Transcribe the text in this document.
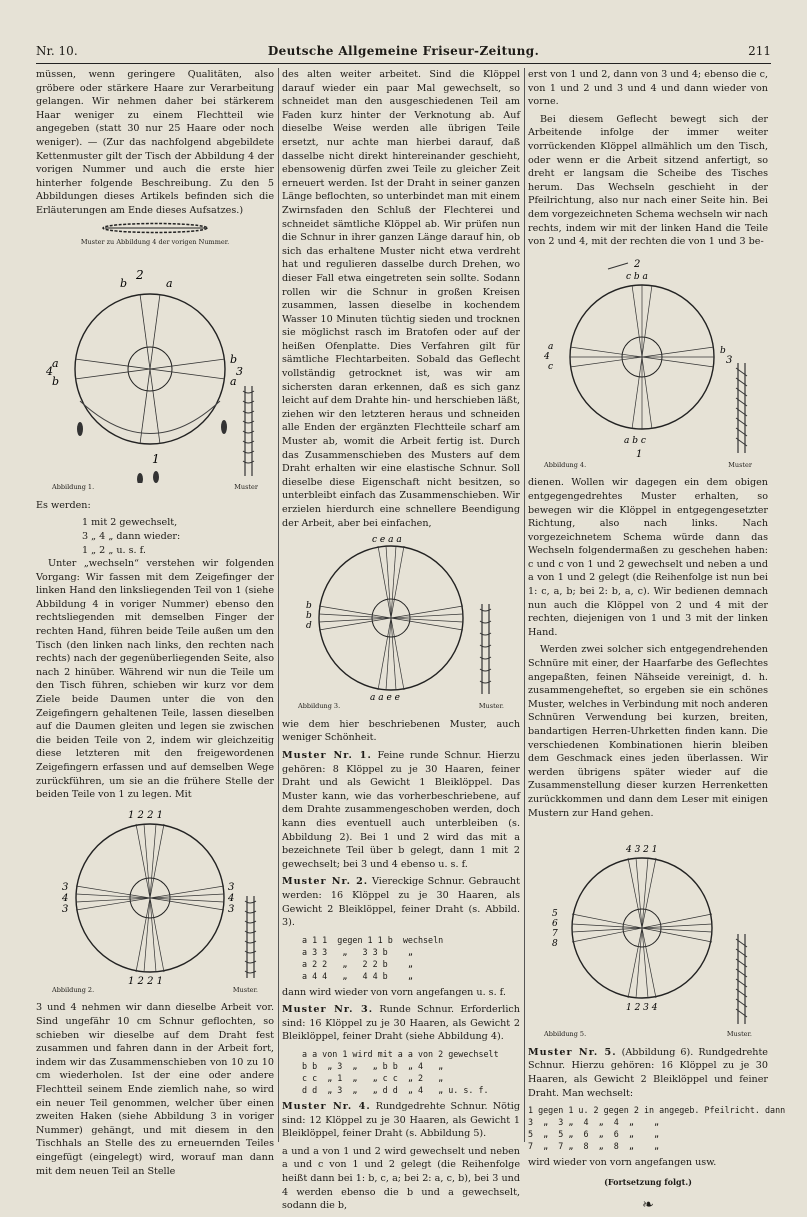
Nr. 10.	Deutsche Allgemeine Friseur-Zeitung.	211

müssen, wenn geringere Qualitäten, also gröbere oder stärkere Haare zur Verarbeitung gelangen. Wir nehmen daher bei stärkerem Haar weniger zu einem Flechtteil wie angegeben (statt 30 nur 25 Haare oder noch weniger). — (Zur das nachfolgend abgebildete Kettenmuster gilt der Tisch der Abbildung 4 der vorigen Nummer und auch die erste hier hinterher folgende Beschreibung. Zu den 5 Abbildungen dieses Artikels befinden sich die Erläuterungen am Ende dieses Aufsatzes.)

Muster zu Abbildung 4 der vorigen Nummer.
2
b	a
a
4
b
b
3
a
1
Abbildung 1.	Muster

Es werden:

1 mit 2 gewechselt,
3 „ 4 „ dann wieder:
1 „ 2 „ u. s. f.

Unter „wechseln“ verstehen wir folgenden Vorgang: Wir fassen mit dem Zeigefinger der linken Hand den linksliegenden Teil von 1 (siehe Abbildung 4 in voriger Nummer) ebenso den rechtsliegenden mit demselben Finger der rechten Hand, führen beide Teile außen um den Tisch (den linken nach links, den rechten nach rechts) nach der gegenüberliegenden Seite, also nach 2 hinüber. Während wir nun die Teile um den Tisch führen, schieben wir kurz vor dem Ziele beide Daumen unter die von den Zeigefingern gehaltenen Teile, lassen dieselben auf die Daumen gleiten und legen sie zwischen die beiden Teile von 2, indem wir gleichzeitig diese letzteren mit den freigewordenen Zeigefingern erfassen und auf demselben Wege zurückführen, um sie an die frühere Stelle der beiden Teile von 1 zu legen. Mit

1 2 2 1
3
4
3
3
4
3
1 2 2 1
Abbildung 2.	Muster.

3 und 4 nehmen wir dann dieselbe Arbeit vor. Sind ungefähr 10 cm Schnur geflochten, so schieben wir dieselbe auf dem Draht fest zusammen und fahren dann in der Arbeit fort, indem wir das Zusammenschieben von 10 zu 10 cm wiederholen. Ist der eine oder andere Flechtteil seinem Ende ziemlich nahe, so wird ein neuer Teil genommen, welcher über einen zweiten Haken (siehe Abbildung 3 in voriger Nummer) gehängt, und mit diesem in den Tischhals an Stelle des zu erneuernden Teiles eingefügt (eingelegt) wird, worauf man dann mit dem neuen Teil an Stelle

des alten weiter arbeitet. Sind die Klöppel darauf wieder ein paar Mal gewechselt, so schneidet man den ausgeschiedenen Teil am Faden kurz hinter der Verknotung ab. Auf dieselbe Weise werden alle übrigen Teile ersetzt, nur achte man hierbei darauf, daß dasselbe nicht direkt hintereinander geschieht, ebensowenig dürfen zwei Teile zu gleicher Zeit erneuert werden. Ist der Draht in seiner ganzen Länge beflochten, so unterbindet man mit einem Zwirnsfaden den Schluß der Flechterei und schneidet sämtliche Klöppel ab. Wir prüfen nun die Schnur in ihrer ganzen Länge darauf hin, ob sich das erhaltene Muster nicht etwa verdreht hat und regulieren dasselbe durch Drehen, wo dieser Fall etwa eingetreten sein sollte. Sodann rollen wir die Schnur in großen Kreisen zusammen, lassen dieselbe in kochendem Wasser 10 Minuten tüchtig sieden und trocknen sie möglichst rasch im Bratofen oder auf der heißen Ofenplatte. Dies Verfahren gilt für sämtliche Flechtarbeiten. Sobald das Geflecht vollständig getrocknet ist, was wir am sichersten daran erkennen, daß es sich ganz leicht auf dem Drahte hin- und herschieben läßt, ziehen wir den letzteren heraus und schneiden alle Enden der ergänzten Flechtteile scharf am Muster ab, womit die Arbeit fertig ist. Durch das Zusammenschieben des Musters auf dem Draht erhalten wir eine elastische Schnur. Soll dieselbe diese Eigenschaft nicht besitzen, so unterbleibt einfach das Zusammenschieben. Wir erzielen hierdurch eine schnellere Beendigung der Arbeit, aber bei einfachen,

c e a a
b
b
d
a a e e
Abbildung 3.	Muster.

wie dem hier beschriebenen Muster, auch weniger Schönheit.

Muster Nr. 1. Feine runde Schnur. Hierzu gehören: 8 Klöppel zu je 30 Haaren, feiner Draht und als Gewicht 1 Bleiklöppel. Das Muster kann, wie das vorherbeschriebene, auf dem Drahte zusammengeschoben werden, doch kann dies eventuell auch unterbleiben (s. Abbildung 2). Bei 1 und 2 wird das mit a bezeichnete Teil über b gelegt, dann 1 mit 2 gewechselt; bei 3 und 4 ebenso u. s. f.

Muster Nr. 2. Viereckige Schnur. Gebraucht werden: 16 Klöppel zu je 30 Haaren, als Gewicht 2 Bleiklöppel, feiner Draht (s. Abbild. 3).

a 1 1  gegen 1 1 b  wechseln
a 3 3   „   3 3 b    „
a 2 2   „   2 2 b    „
a 4 4   „   4 4 b    „

dann wird wieder von vorn angefangen u. s. f.

Muster Nr. 3. Runde Schnur. Erforderlich sind: 16 Klöppel zu je 30 Haaren, als Gewicht 2 Bleiklöppel, feiner Draht (siehe Abbildung 4).

a a von 1 wird mit a a von 2 gewechselt
b b  „ 3  „   „ b b  „ 4   „
c c  „ 1  „   „ c c  „ 2   „
d d  „ 3  „   „ d d  „ 4   „ u. s. f.

Muster Nr. 4. Rundgedrehte Schnur. Nötig sind: 12 Klöppel zu je 30 Haaren, als Gewicht 1 Bleiklöppel, feiner Draht (s. Abbildung 5).

a und a von 1 und 2 wird gewechselt und neben a und c von 1 und 2 gelegt (die Reihenfolge heißt dann bei 1: b, c, a; bei 2: a, c, b), bei 3 und 4 werden ebenso die b und a gewechselt, sodann die b,

erst von 1 und 2, dann von 3 und 4; ebenso die c, von 1 und 2 und 3 und 4 und dann wieder von vorne.

Bei diesem Geflecht bewegt sich der Arbeitende infolge der immer weiter vorrückenden Klöppel allmählich um den Tisch, oder wenn er die Arbeit sitzend anfertigt, so dreht er langsam die Scheibe des Tisches herum. Das Wechseln geschieht in der Pfeilrichtung, also nur nach einer Seite hin. Bei dem vorgezeichneten Schema wechseln wir nach rechts, indem wir mit der linken Hand die Teile von 2 und 4, mit der rechten die von 1 und 3 be-

2
c b a
a
4
c
b
3
a b c
1
Abbildung 4.	Muster

dienen. Wollen wir dagegen ein dem obigen entgegengedrehtes Muster erhalten, so bewegen wir die Klöppel in entgegengesetzter Richtung, also nach links. Nach vorgezeichnetem Schema würde dann das Wechseln folgendermaßen zu geschehen haben: c und c von 1 und 2 gewechselt und neben a und a von 1 und 2 gelegt (die Reihenfolge ist nun bei 1: c, a, b; bei 2: b, a, c). Wir bedienen demnach nun auch die Klöppel von 2 und 4 mit der rechten, diejenigen von 1 und 3 mit der linken Hand.

Werden zwei solcher sich entgegendrehenden Schnüre mit einer, der Haarfarbe des Geflechtes angepaßten, feinen Nähseide vereinigt, d. h. zusammengeheftet, so ergeben sie ein schönes Muster, welches in Verbindung mit noch anderen Schnüren Verwendung bei kurzen, breiten, bandartigen Herren-Uhrketten finden kann. Die verschiedenen Kombinationen hierin bleiben dem Geschmack eines jeden überlassen. Wir werden übrigens später wieder auf die Zusammenstellung dieser kurzen Herrenketten zurückkommen und dann dem Leser mit einigen Mustern zur Hand gehen.

4 3 2 1
5
6
7
8
1 2 3 4
Abbildung 5.	Muster.

Muster Nr. 5. (Abbildung 6). Rundgedrehte Schnur. Hierzu gehören: 16 Klöppel zu je 30 Haaren, als Gewicht 2 Bleiklöppel und feiner Draht. Man wechselt:

1 gegen 1 u. 2 gegen 2 in angegeb. Pfeilricht. dann
3  „  3 „  4  „  4  „    „
5  „  5 „  6  „  6  „    „
7  „  7 „  8  „  8  „    „

wird wieder von vorn angefangen usw.

(Fortsetzung folgt.)
❧
